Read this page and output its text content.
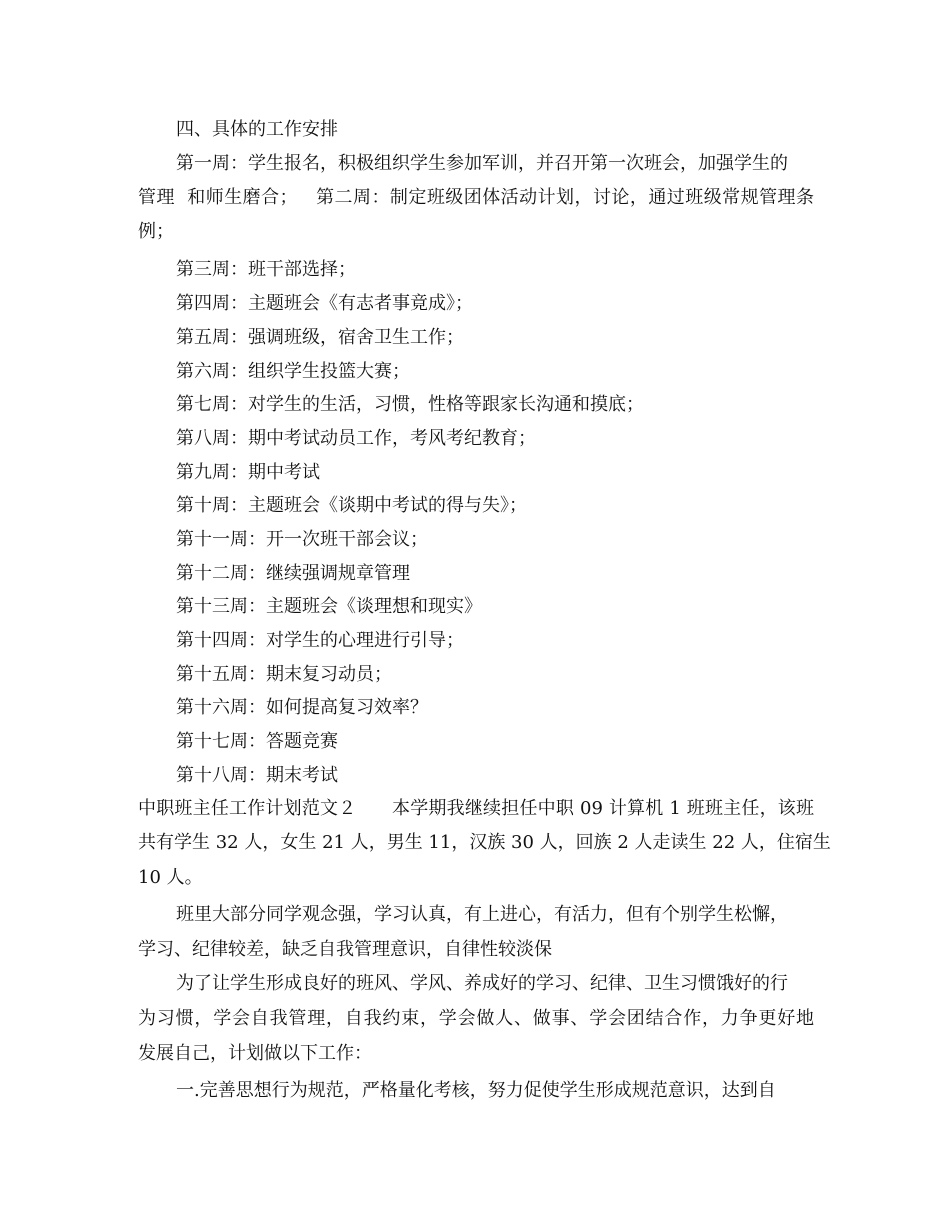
四、具体的工作安排
第一周：学生报名，积极组织学生参加军训，并召开第一次班会，加强学生的
管理  和师生磨合；   第二周：制定班级团体活动计划，讨论，通过班级常规管理条
例；
第三周：班干部选择；
第四周：主题班会《有志者事竟成》；
第五周：强调班级，宿舍卫生工作；
第六周：组织学生投篮大赛；
第七周：对学生的生活，习惯，性格等跟家长沟通和摸底；
第八周：期中考试动员工作，考风考纪教育；
第九周：期中考试
第十周：主题班会《谈期中考试的得与失》；
第十一周：开一次班干部会议；
第十二周：继续强调规章管理
第十三周：主题班会《谈理想和现实》
第十四周：对学生的心理进行引导；
第十五周：期末复习动员；
第十六周：如何提高复习效率？
第十七周：答题竞赛
第十八周：期末考试
中职班主任工作计划范文２      本学期我继续担任中职 09 计算机 1 班班主任，该班
共有学生 32 人，女生 21 人，男生 11，汉族 30 人，回族 2 人走读生 22 人，住宿生
10 人。
班里大部分同学观念强，学习认真，有上进心，有活力，但有个别学生松懈，
学习、纪律较差，缺乏自我管理意识，自律性较淡保
为了让学生形成良好的班风、学风、养成好的学习、纪律、卫生习惯饿好的行
为习惯，学会自我管理，自我约束，学会做人、做事、学会团结合作，力争更好地
发展自己，计划做以下工作：
一.完善思想行为规范，严格量化考核，努力促使学生形成规范意识，达到自
